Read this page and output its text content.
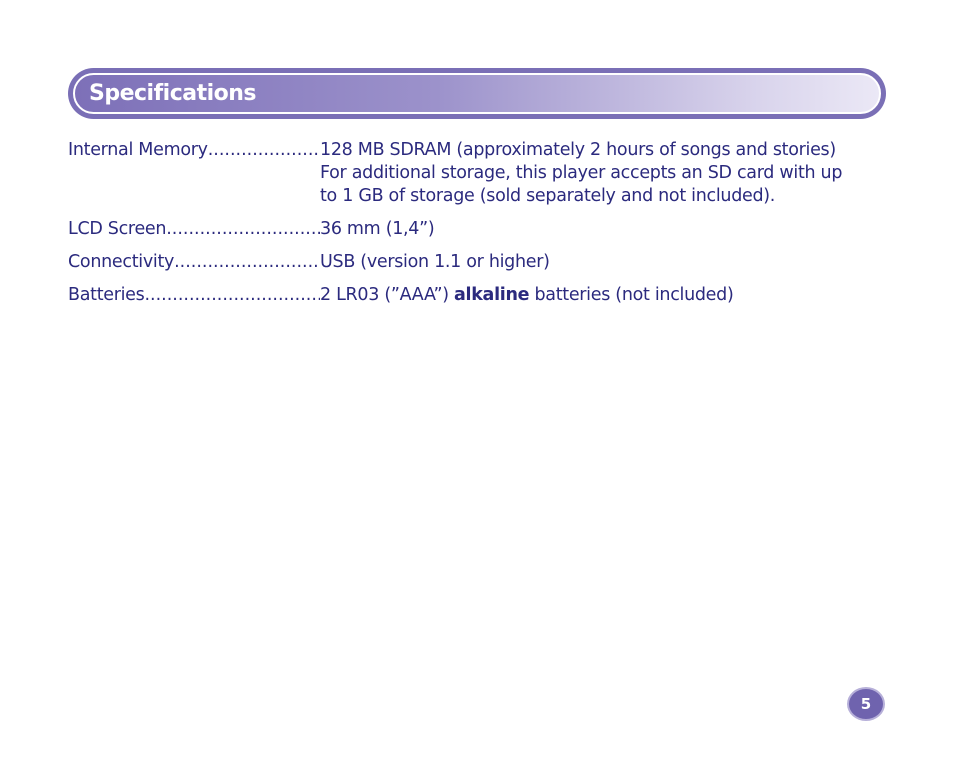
Specifications
Internal Memory .....	128 MB SDRAM (approximately 2 hours of songs and stories)

For additional storage, this player accepts an SD card with up

to 1 GB of storage (sold separately and not included).

LCD Screen .....	36 mm (1,4”)
Connectivity .....	USB (version 1.1 or higher)
Batteries .....	2 LR03 (”AAA”) alkaline batteries (not included)
5
